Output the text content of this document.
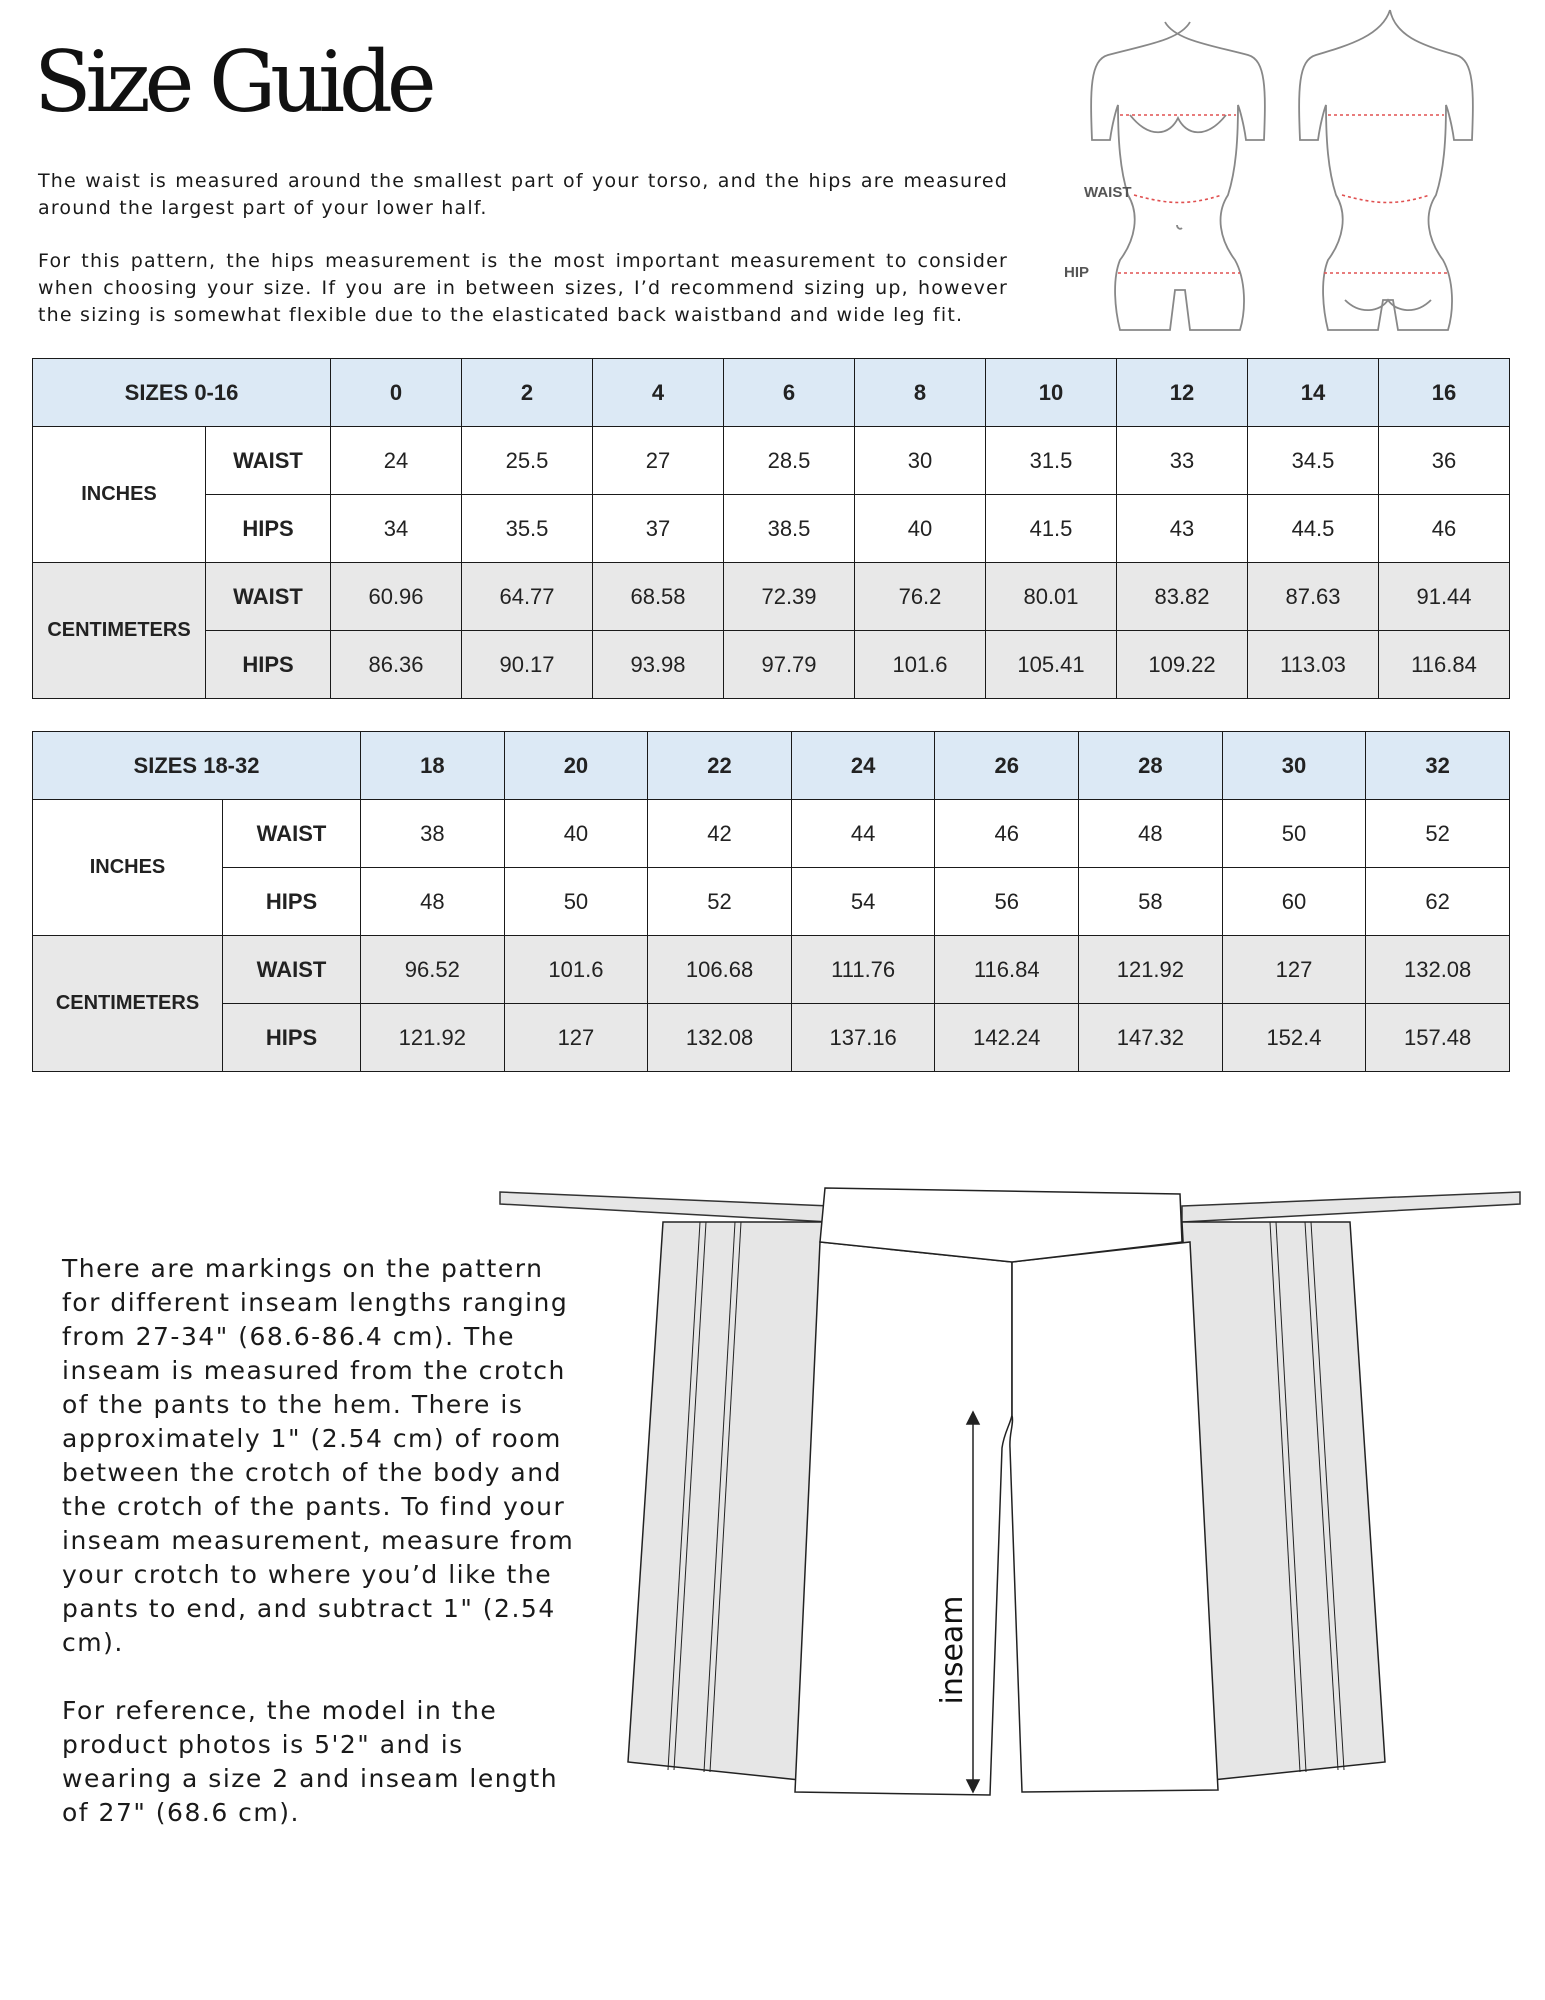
Size Guide

The waist is measured around the smallest part of your torso, and the hips are measured around the largest part of your lower half.

For this pattern, the hips measurement is the most important measurement to consider when choosing your size. If you are in between sizes, I’d recommend sizing up, however the sizing is somewhat flexible due to the elasticated back waistband and wide leg fit.

WAIST
HIP
SIZES 0-16		0	2	4	6	8	10	12	14	16
INCHES	WAIST	24	25.5	27	28.5	30	31.5	33	34.5	36
	HIPS	34	35.5	37	38.5	40	41.5	43	44.5	46
CENTIMETERS	WAIST	60.96	64.77	68.58	72.39	76.2	80.01	83.82	87.63	91.44
	HIPS	86.36	90.17	93.98	97.79	101.6	105.41	109.22	113.03	116.84
SIZES 18-32		18	20	22	24	26	28	30	32
INCHES	WAIST	38	40	42	44	46	48	50	52
	HIPS	48	50	52	54	56	58	60	62
CENTIMETERS	WAIST	96.52	101.6	106.68	111.76	116.84	121.92	127	132.08
	HIPS	121.92	127	132.08	137.16	142.24	147.32	152.4	157.48

There are markings on the pattern for different inseam lengths ranging from 27-34" (68.6-86.4 cm). The inseam is measured from the crotch of the pants to the hem. There is approximately 1" (2.54 cm) of room between the crotch of the body and the crotch of the pants. To find your inseam measurement, measure from your crotch to where you’d like the pants to end, and subtract 1" (2.54 cm).

For reference, the model in the product photos is 5'2" and is wearing a size 2 and inseam length of 27" (68.6 cm).

inseam
